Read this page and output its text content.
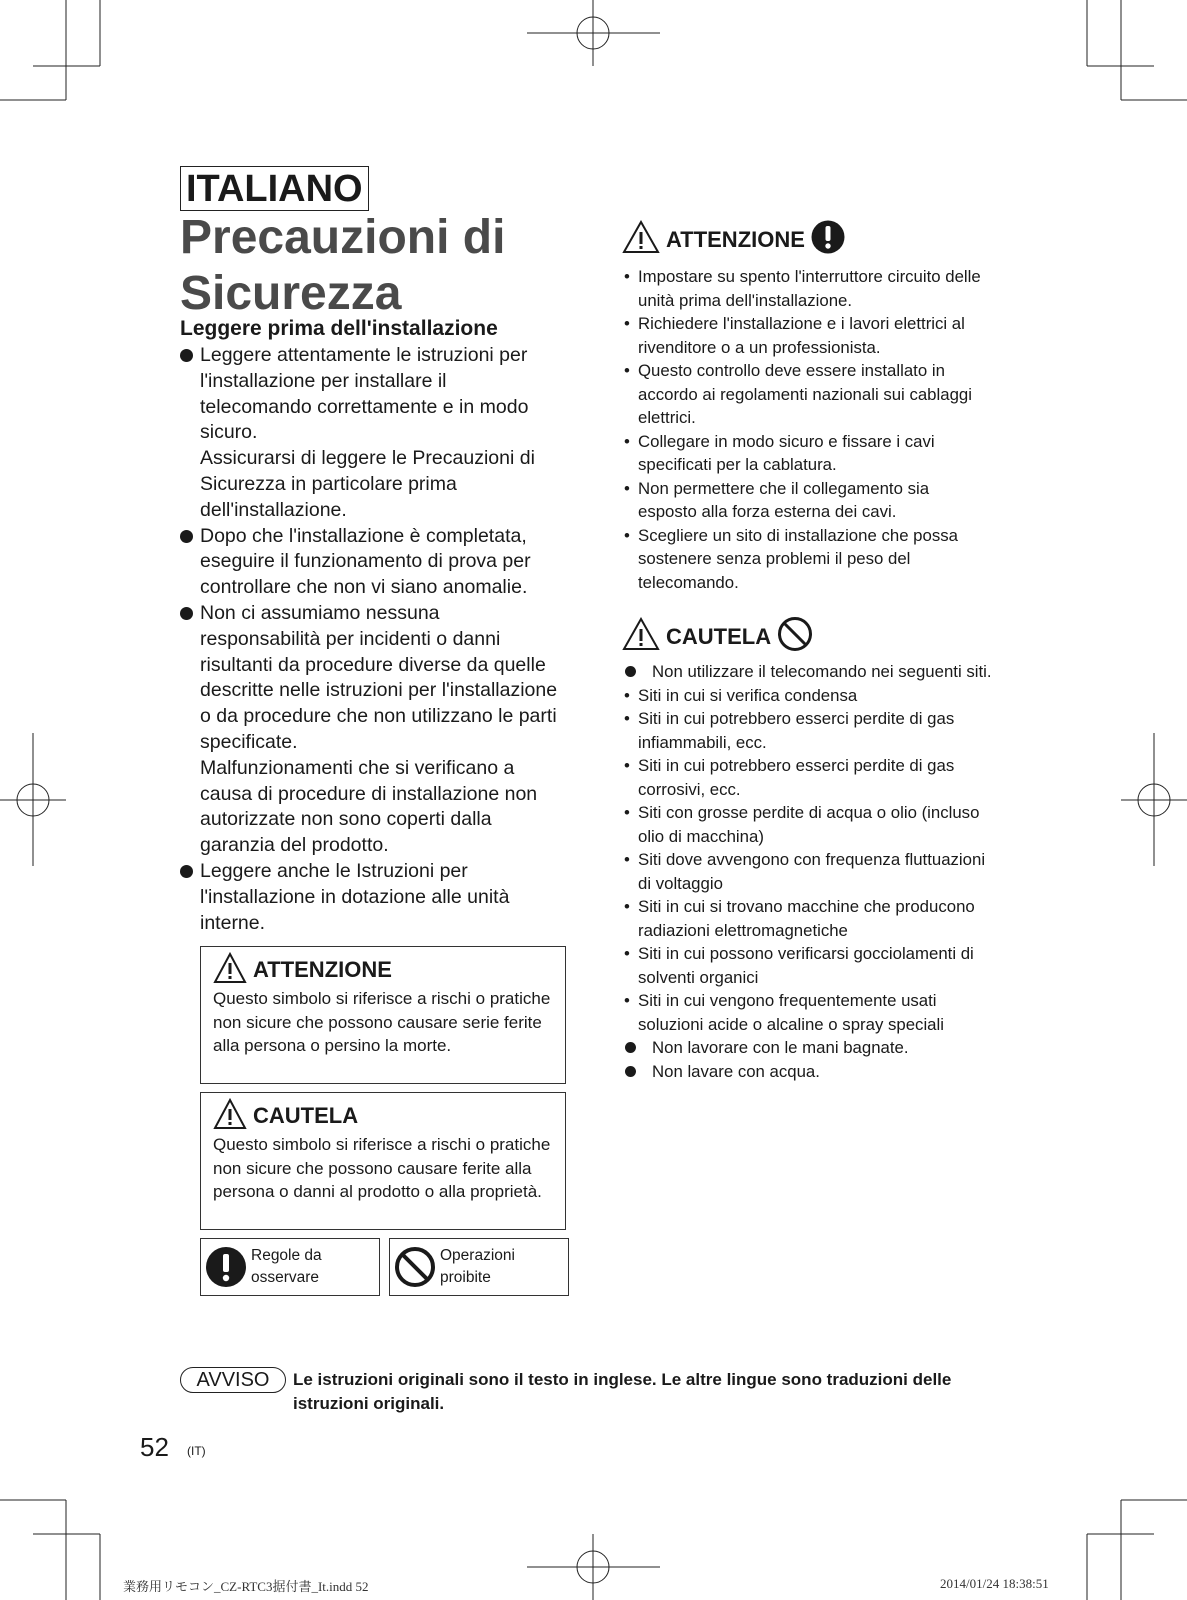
ITALIANO
Precauzioni di Sicurezza
Leggere prima dell'installazione

Leggere attentamente le istruzioni per l'installazione per installare il telecomando correttamente e in modo sicuro.

Assicurarsi di leggere le Precauzioni di Sicurezza in particolare prima dell'installazione.

Dopo che l'installazione è completata, eseguire il funzionamento di prova per controllare che non vi siano anomalie.

Non ci assumiamo nessuna responsabilità per incidenti o danni risultanti da procedure diverse da quelle descritte nelle istruzioni per l'installazione o da procedure che non utilizzano le parti specificate.

Malfunzionamenti che si verificano a causa di procedure di installazione non autorizzate non sono coperti dalla garanzia del prodotto.

Leggere anche le Istruzioni per l'installazione in dotazione alle unità interne.

ATTENZIONE
Questo simbolo si riferisce a rischi o pratiche non sicure che possono causare serie ferite alla persona o persino la morte.
CAUTELA
Questo simbolo si riferisce a rischi o pratiche non sicure che possono causare ferite alla persona o danni al prodotto o alla proprietà.
Regole da osservare
Operazioni proibite
ATTENZIONE
• Impostare su spento l'interruttore circuito delle unità prima dell'installazione.
• Richiedere l'installazione e i lavori elettrici al rivenditore o a un professionista.
• Questo controllo deve essere installato in accordo ai regolamenti nazionali sui cablaggi elettrici.
• Collegare in modo sicuro e fissare i cavi specificati per la cablatura.
• Non permettere che il collegamento sia esposto alla forza esterna dei cavi.
• Scegliere un sito di installazione che possa sostenere senza problemi il peso del telecomando.
CAUTELA
Non utilizzare il telecomando nei seguenti siti.
• Siti in cui si verifica condensa
• Siti in cui potrebbero esserci perdite di gas infiammabili, ecc.
• Siti in cui potrebbero esserci perdite di gas corrosivi, ecc.
• Siti con grosse perdite di acqua o olio (incluso olio di macchina)
• Siti dove avvengono con frequenza fluttuazioni di voltaggio
• Siti in cui si trovano macchine che producono radiazioni elettromagnetiche
• Siti in cui possono verificarsi gocciolamenti di solventi organici
• Siti in cui vengono frequentemente usati soluzioni acide o alcaline o spray speciali
Non lavorare con le mani bagnate.
Non lavare con acqua.
AVVISO	Le istruzioni originali sono il testo in inglese. Le altre lingue sono traduzioni delle istruzioni originali.
52 (IT)
業務用リモコン_CZ-RTC3据付書_It.indd 52	2014/01/24 18:38:51
